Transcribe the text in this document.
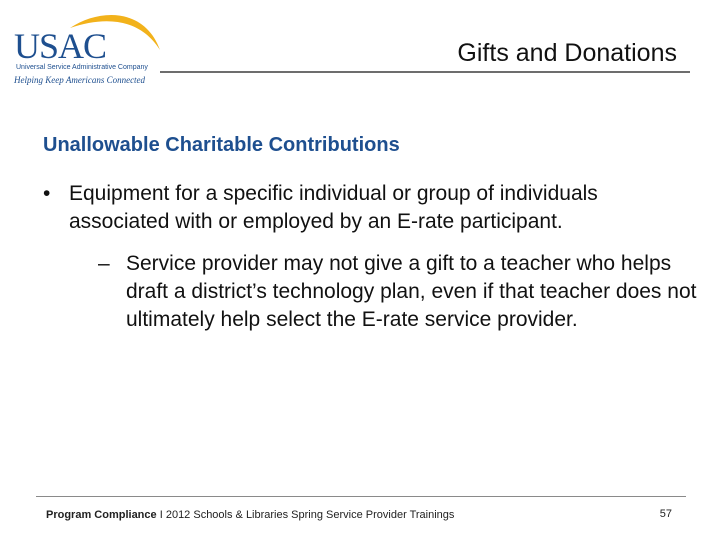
USAC
Universal Service Administrative Company
Helping Keep Americans Connected
Gifts and Donations
Unallowable Charitable Contributions
• Equipment for a specific individual or group of individuals associated with or employed by an E-rate participant.
– Service provider may not give a gift to a teacher who helps draft a district’s technology plan, even if that teacher does not ultimately help select the E-rate service provider.
Program Compliance I 2012 Schools & Libraries Spring Service Provider Trainings	57
